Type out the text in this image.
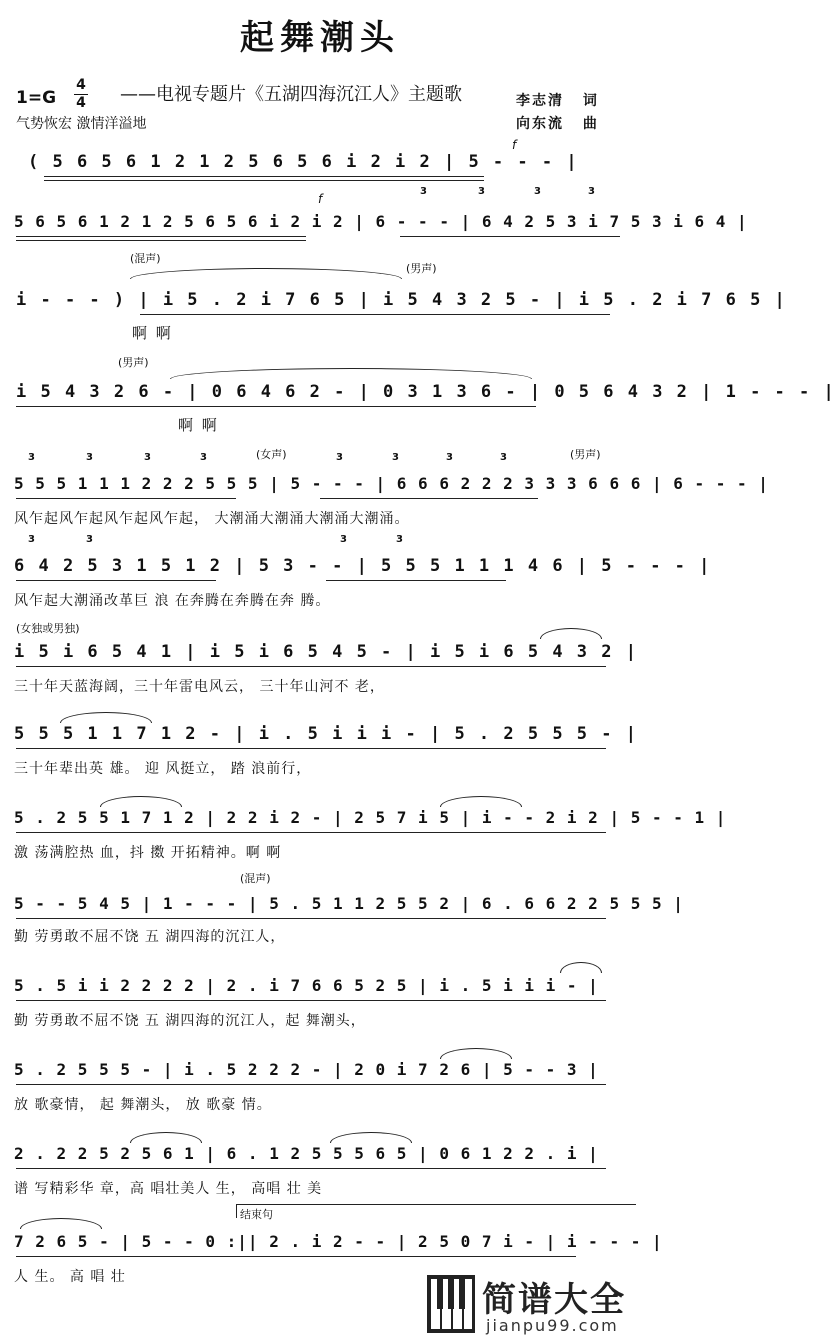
起舞潮头
1=G
4
4 ——电视专题片《五湖四海沉江人》主题歌
气势恢宏 激情洋溢地
李志清 词
向东流 曲
f
( 5 6 5 6 1 2 1 2 5 6 5 6 i 2 i 2 | 5 - - - |
f
3	3	3	3
5 6 5 6 1 2 1 2 5 6 5 6 i 2 i 2 | 6 - - - | 6 4 2 5 3 i 7 5 3 i 6 4 |
(混声)
(男声)
i - - - ) | i 5 . 2 i 7 6 5 | i 5 4 3 2 5 - | i 5 . 2 i 7 6 5 |
啊 啊
(男声)
i 5 4 3 2 6 - | 0 6 4 6 2 - | 0 3 1 3 6 - | 0 5 6 4 3 2 | 1 - - - |
啊 啊
(女声)	(男声)
3	3	3	3	3	3	3	3
5 5 5 1 1 1 2 2 2 5 5 5 | 5 - - - | 6 6 6 2 2 2 3 3 3 6 6 6 | 6 - - - |
风乍起风乍起风乍起风乍起， 大潮涌大潮涌大潮涌大潮涌。
3	3	3	3
6 4 2 5 3 1 5 1 2 | 5 3 - - | 5 5 5 1 1 1 4 6 | 5 - - - |
风乍起大潮涌改革巨 浪 在奔腾在奔腾在奔 腾。
(女独或男独)
i 5 i 6 5 4 1 | i 5 i 6 5 4 5 - | i 5 i 6 5 4 3 2 |
三十年天蓝海阔，三十年雷电风云， 三十年山河不 老，
5 5 5 1 1 7 1 2 - | i . 5 i i i - | 5 . 2 5 5 5 - |
三十年辈出英 雄。 迎 风挺立， 踏 浪前行，
5 . 2 5 5 1 7 1 2 | 2 2 i 2 - | 2 5 7 i 5 | i - - 2 i 2 | 5 - - 1 |
激 荡满腔热 血，抖 擞 开拓精神。啊 啊
(混声)
5 - - 5 4 5 | 1 - - - | 5 . 5 1 1 2 5 5 2 | 6 . 6 6 2 2 5 5 5 |
勤 劳勇敢不屈不饶 五 湖四海的沉江人，
5 . 5 i i 2 2 2 2 | 2 . i 7 6 6 5 2 5 | i . 5 i i i - |
勤 劳勇敢不屈不饶 五 湖四海的沉江人，起 舞潮头，
5 . 2 5 5 5 - | i . 5 2 2 2 - | 2 0 i 7 2 6 | 5 - - 3 |
放 歌豪情， 起 舞潮头， 放 歌豪 情。
2 . 2 2 5 2 5 6 1 | 6 . 1 2 5 5 5 6 5 | 0 6 1 2 2 . i |
谱 写精彩华 章，高 唱壮美人 生， 高唱 壮 美
结束句
7 2 6 5 - | 5 - - 0 :|| 2 . i 2 - - | 2 5 0 7 i - | i - - - |
人 生。 高 唱 壮
简谱大全
jianpu99.com
